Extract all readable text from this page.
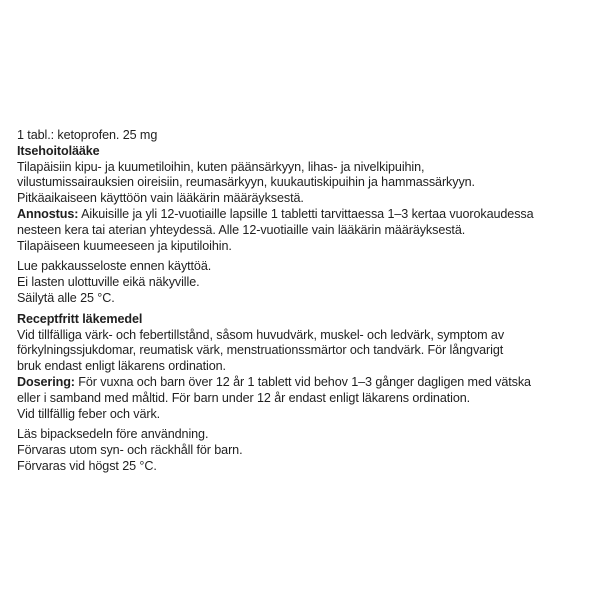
1 tabl.: ketoprofen. 25 mg
Itsehoitolääke
Tilapäisiin kipu- ja kuumetiloihin, kuten päänsärkyyn, lihas- ja nivelkipuihin,
vilustumissairauksien oireisiin, reumasärkyyn, kuukautiskipuihin ja hammassärkyyn.
Pitkäaikaiseen käyttöön vain lääkärin määräyksestä.
Annostus: Aikuisille ja yli 12-vuotiaille lapsille 1 tabletti tarvittaessa 1–3 kertaa vuorokaudessa
nesteen kera tai aterian yhteydessä. Alle 12-vuotiaille vain lääkärin määräyksestä.
Tilapäiseen kuumeeseen ja kiputiloihin.
Lue pakkausseloste ennen käyttöä.
Ei lasten ulottuville eikä näkyville.
Säilytä alle 25 °C.
Receptfritt läkemedel
Vid tillfälliga värk- och febertillstånd, såsom huvudvärk, muskel- och ledvärk, symptom av
förkylningssjukdomar, reumatisk värk, menstruationssmärtor och tandvärk. För långvarigt
bruk endast enligt läkarens ordination.
Dosering: För vuxna och barn över 12 år 1 tablett vid behov 1–3 gånger dagligen med vätska
eller i samband med måltid. För barn under 12 år endast enligt läkarens ordination.
Vid tillfällig feber och värk.
Läs bipacksedeln före användning.
Förvaras utom syn- och räckhåll för barn.
Förvaras vid högst 25 °C.
